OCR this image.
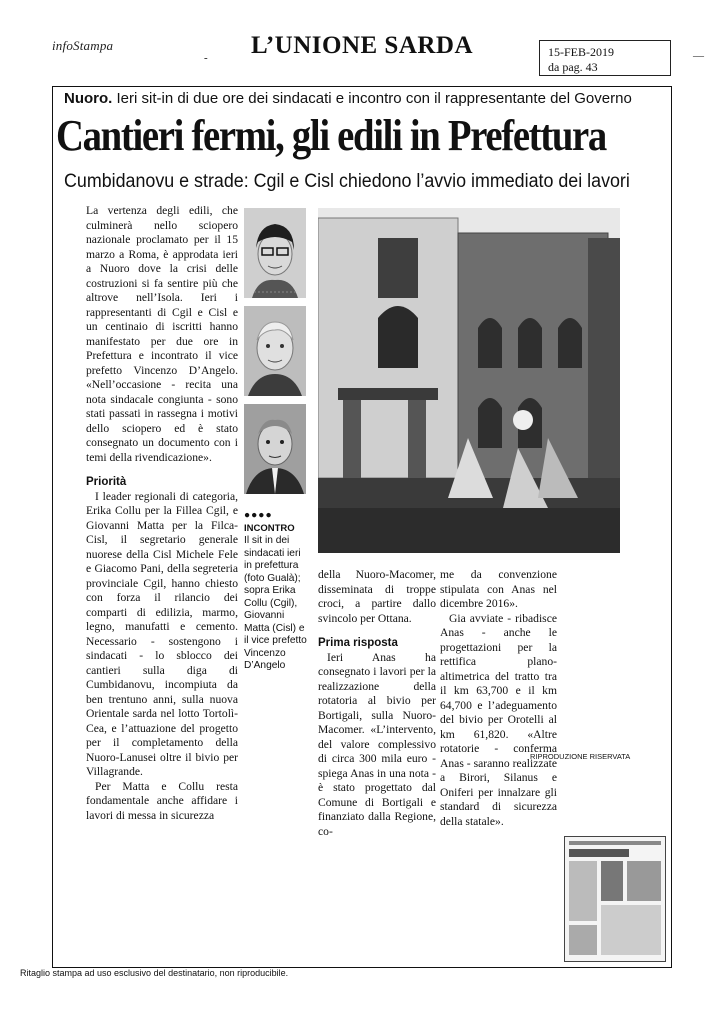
infoStampa
-	L’UNIONE SARDA	15-FEB-2019
da pag. 43
—
Nuoro. Ieri sit-in di due ore dei sindacati e incontro con il rappresentante del Governo
Cantieri fermi, gli edili in Prefettura
Cumbidanovu e strade: Cgil e Cisl chiedono l’avvio immediato dei lavori

La vertenza degli edili, che culminerà nello sciopero nazionale proclamato per il 15 marzo a Roma, è approdata ieri a Nuoro dove la crisi delle costruzioni si fa sentire più che altrove nell’Isola. Ieri i rappresentanti di Cgil e Cisl e un centinaio di iscritti hanno manifestato per due ore in Prefettura e incontrato il vice prefetto Vincenzo D’Angelo. «Nell’occasione - recita una nota sindacale congiunta - sono stati passati in rassegna i motivi dello sciopero ed è stato consegnato un documento con i temi della rivendicazione».

Priorità

I leader regionali di categoria, Erika Collu per la Fillea Cgil, e Giovanni Matta per la Filca-Cisl, il segretario generale nuorese della Cisl Michele Fele e Giacomo Pani, della segreteria provinciale Cgil, hanno chiesto con forza il rilancio dei comparti di edilizia, marmo, legno, manufatti e cemento. Necessario - sostengono i sindacati - lo sblocco dei cantieri sulla diga di Cumbidanovu, incompiuta da ben trentuno anni, sulla nuova Orientale sarda nel lotto Tortolì-Cea, e l’attuazione del progetto per il completamento della Nuoro-Lanusei oltre il bivio per Villagrande.

Per Matta e Collu resta fondamentale anche affidare i lavori di messa in sicurezza

●●●●
INCONTRO
Il sit in dei sindacati ieri in prefettura (foto Gualà); sopra Erika Collu (Cgil), Giovanni Matta (Cisl) e il vice prefetto Vincenzo D’Angelo

della Nuoro-Macomer, disseminata di troppe croci, a partire dallo svincolo per Ottana.

Prima risposta

Ieri Anas ha consegnato i lavori per la realizzazione della rotatoria al bivio per Bortigali, sulla Nuoro-Macomer. «L’intervento, del valore complessivo di circa 300 mila euro - spiega Anas in una nota - è stato progettato dal Comune di Bortigali e finanziato dalla Regione, co-

me da convenzione stipulata con Anas nel dicembre 2016».

Gia avviate - ribadisce Anas - anche le progettazioni per la rettifica plano-altimetrica del tratto tra il km 63,700 e il km 64,700 e l’adeguamento del bivio per Orotelli al km 61,820. «Altre rotatorie - conferma Anas - saranno realizzate a Birori, Silanus e Oniferi per innalzare gli standard di sicurezza della statale».

RIPRODUZIONE RISERVATA
Ritaglio stampa ad uso esclusivo del destinatario, non riproducibile.
